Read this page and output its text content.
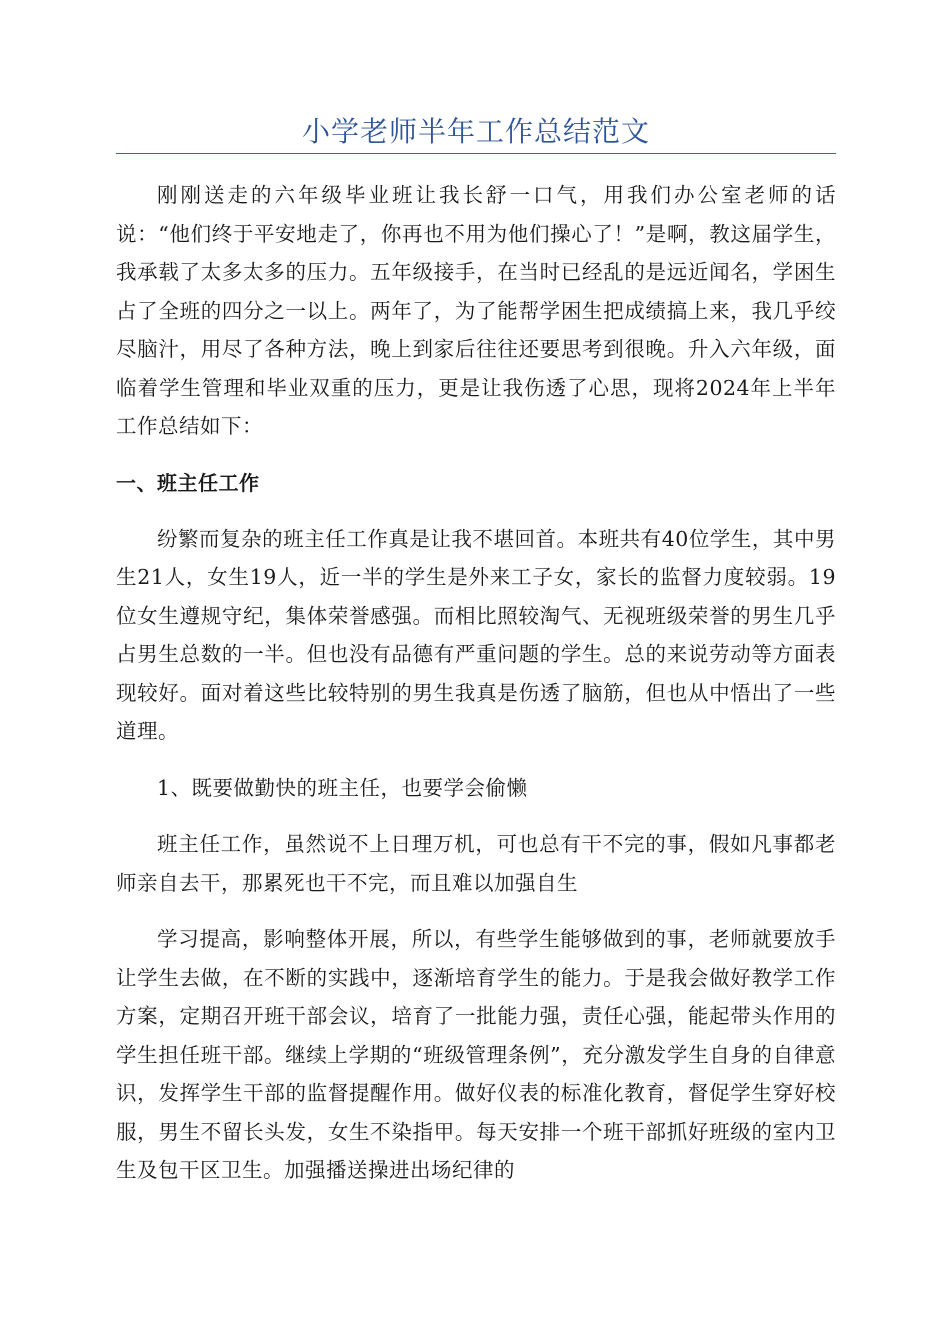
小学老师半年工作总结范文

刚刚送走的六年级毕业班让我长舒一口气，用我们办公室老师的话说：“他们终于平安地走了，你再也不用为他们操心了！”是啊，教这届学生，我承载了太多太多的压力。五年级接手，在当时已经乱的是远近闻名，学困生占了全班的四分之一以上。两年了，为了能帮学困生把成绩搞上来，我几乎绞尽脑汁，用尽了各种方法，晚上到家后往往还要思考到很晚。升入六年级，面临着学生管理和毕业双重的压力，更是让我伤透了心思，现将2024年上半年工作总结如下：

一、班主任工作

纷繁而复杂的班主任工作真是让我不堪回首。本班共有40位学生，其中男生21人，女生19人，近一半的学生是外来工子女，家长的监督力度较弱。19位女生遵规守纪，集体荣誉感强。而相比照较淘气、无视班级荣誉的男生几乎占男生总数的一半。但也没有品德有严重问题的学生。总的来说劳动等方面表现较好。面对着这些比较特别的男生我真是伤透了脑筋，但也从中悟出了一些道理。

1、既要做勤快的班主任，也要学会偷懒

班主任工作，虽然说不上日理万机，可也总有干不完的事，假如凡事都老师亲自去干，那累死也干不完，而且难以加强自生

学习提高，影响整体开展，所以，有些学生能够做到的事，老师就要放手让学生去做，在不断的实践中，逐渐培育学生的能力。于是我会做好教学工作方案，定期召开班干部会议，培育了一批能力强，责任心强，能起带头作用的学生担任班干部。继续上学期的“班级管理条例”，充分激发学生自身的自律意识，发挥学生干部的监督提醒作用。做好仪表的标准化教育，督促学生穿好校服，男生不留长头发，女生不染指甲。每天安排一个班干部抓好班级的室内卫生及包干区卫生。加强播送操进出场纪律的
